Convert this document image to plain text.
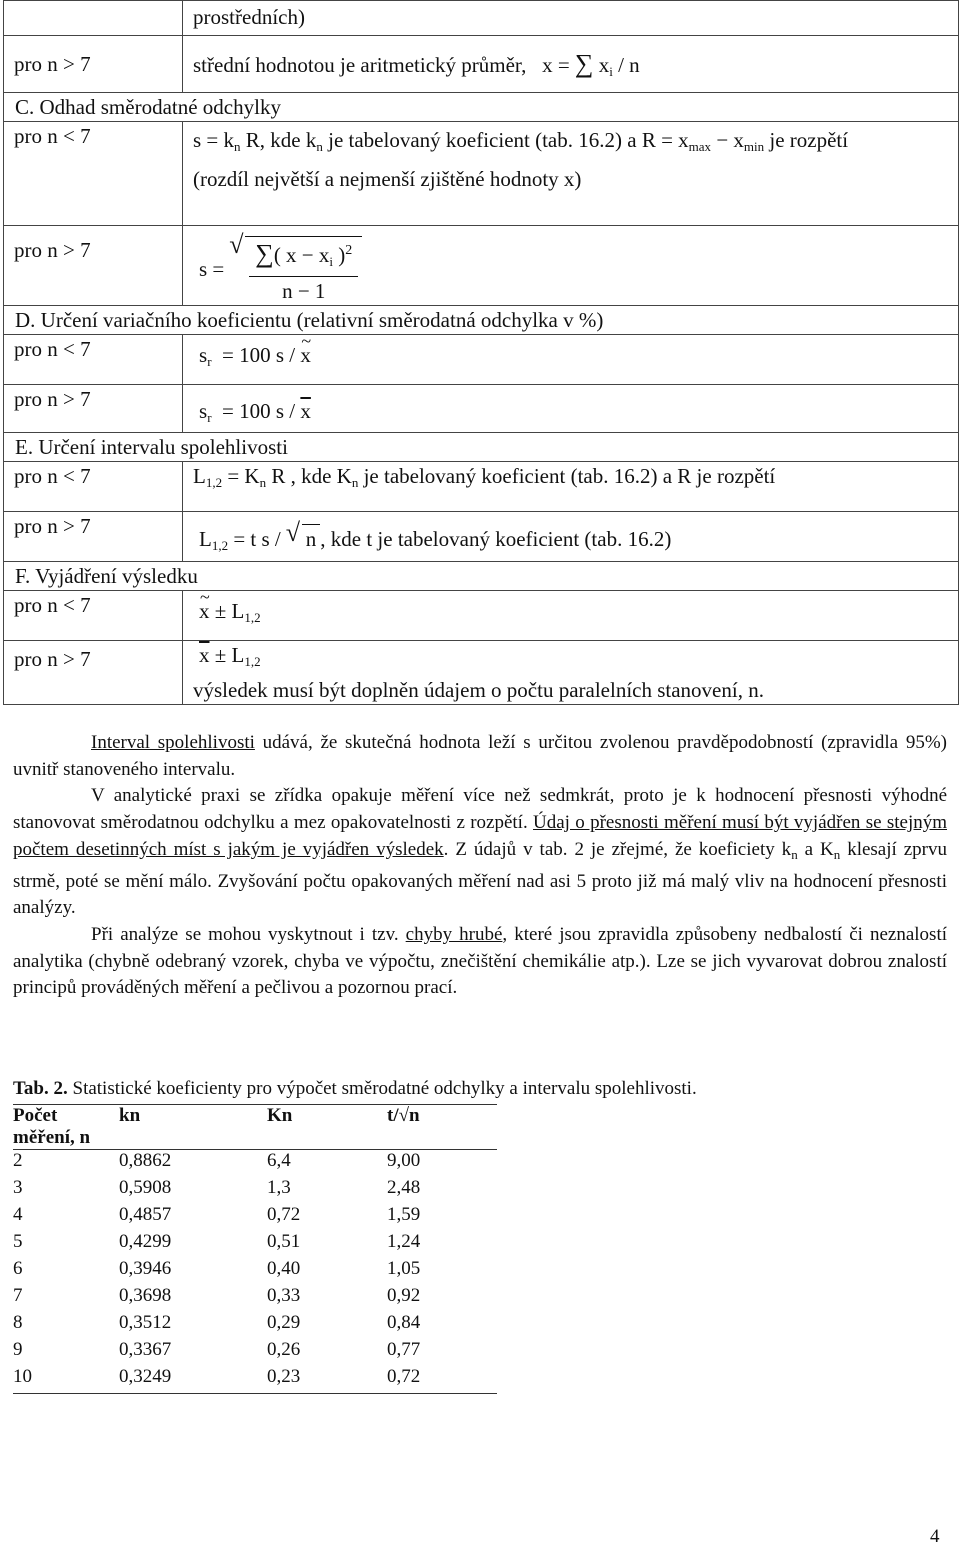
	prostředních)
pro n > 7	střední hodnotou je aritmetický průměr,   x = ∑ $x_i$ / n
C. Odhad směrodatné odchylky	
pro n < 7	$s = k_n$ R, kde $k_n$ je tabelovaný koeficient (tab. 16.2) a $R = x_{max} - x_{min}$ je rozpětí
(rozdíl největší a nejmenší zjištěné hodnoty x)

pro n > 7	s = √ $\frac{\sum( x - x_i )^2}{n - 1}$

D. Určení variačního koeficientu (relativní směrodatná odchylka v %)	
pro n < 7	$s_r = 100$ s / ~ x
pro n > 7	$s_r = 100$ s / $\overline{x}$
E. Určení intervalu spolehlivosti	
pro n < 7	$L_{1,2} = K_n$ R , kde $K_n$ je tabelovaný koeficient (tab. 16.2) a R je rozpětí
pro n > 7	$L_{1,2} = t$ s /    √ n , kde t je tabelovaný koeficient (tab. 16.2)
F. Vyjádření výsledku	
pro n < 7	~ $x \pm L_{1,2}$
pro n > 7	$\overline{x} \pm L_{1,2}$
výsledek musí být doplněn údajem o počtu paralelních stanovení, n.

Interval spolehlivosti udává, že skutečná hodnota leží s určitou zvolenou pravděpodobností (zpravidla 95%) uvnitř stanoveného intervalu.

V analytické praxi se zřídka opakuje měření více než sedmkrát, proto je k hodnocení přesnosti výhodné stanovovat směrodatnou odchylku a mez opakovatelnosti z rozpětí. Údaj o přesnosti měření musí být vyjádřen se stejným počtem desetinných míst s jakým je vyjádřen výsledek. Z údajů v tab. 2 je zřejmé, že koeficiety $k_n$ a $K_n$ klesají zprvu strmě, poté se mění málo. Zvyšování počtu opakovaných měření nad asi 5 proto již má malý vliv na hodnocení přesnosti analýzy.

Při analýze se mohou vyskytnout i tzv. chyby hrubé, které jsou zpravidla způsobeny nedbalostí či neznalostí analytika (chybně odebraný vzorek, chyba ve výpočtu, znečištění chemikálie atp.). Lze se jich vyvarovat dobrou znalostí principů prováděných měření a pečlivou a pozornou prací.

Tab. 2. Statistické koeficienty pro výpočet směrodatné odchylky a intervalu spolehlivosti.
Počet
měření, n	kn	Kn	t/√n
2	0,8862	6,4	9,00
3	0,5908	1,3	2,48
4	0,4857	0,72	1,59
5	0,4299	0,51	1,24
6	0,3946	0,40	1,05
7	0,3698	0,33	0,92
8	0,3512	0,29	0,84
9	0,3367	0,26	0,77
10	0,3249	0,23	0,72
4
